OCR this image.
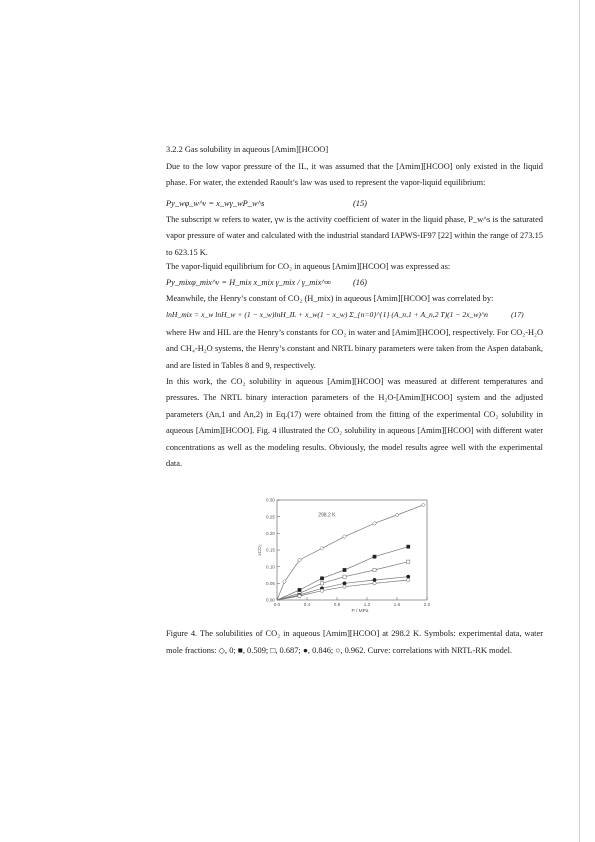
3.2.2 Gas solubility in aqueous [Amim][HCOO]

Due to the low vapor pressure of the IL, it was assumed that the [Amim][HCOO] only existed in the liquid phase. For water, the extended Raoult’s law was used to represent the vapor-liquid equilibrium:

Py_wφ_w^v = x_wγ_wP_w^s	(15)

The subscript w refers to water, γw is the activity coefficient of water in the liquid phase, P_w^s is the saturated vapor pressure of water and calculated with the industrial standard IAPWS-IF97 [22] within the range of 273.15 to 623.15 K.

The vapor-liquid equilibrium for CO₂ in aqueous [Amim][HCOO] was expressed as:

Py_mixφ_mix^v = H_mix x_mix γ_mix / γ_mix^∞	(16)

Meanwhile, the Henry’s constant of CO₂ (H_mix) in aqueous [Amim][HCOO] was correlated by:

lnH_mix = x_w lnH_w + (1 − x_w)lnH_IL + x_w(1 − x_w) Σ_{n=0}^{1} (A_n,1 + A_n,2 T)(1 − 2x_w)^n	(17)

where Hw and HIL are the Henry’s constants for CO₂ in water and [Amim][HCOO], respectively. For CO₂-H₂O and CH₄-H₂O systems, the Henry’s constant and NRTL binary parameters were taken from the Aspen databank, and are listed in Tables 8 and 9, respectively.

In this work, the CO₂ solubility in aqueous [Amim][HCOO] was measured at different temperatures and pressures. The NRTL binary interaction parameters of the H₂O-[Amim][HCOO] system and the adjusted parameters (An,1 and An,2) in Eq.(17) were obtained from the fitting of the experimental CO₂ solubility in aqueous [Amim][HCOO]. Fig. 4 illustrated the CO₂ solubility in aqueous [Amim][HCOO] with different water concentrations as well as the modeling results. Obviously, the model results agree well with the experimental data.

0.0	0.4	0.8	1.2	1.6	2.0
0.00
0.05
0.10
0.15
0.20
0.25
0.30
P / MPa
xCO₂
298.2 K

Figure 4. The solubilities of CO₂ in aqueous [Amim][HCOO] at 298.2 K. Symbols: experimental data, water mole fractions: ◇, 0; ■, 0.509; □, 0.687; ●, 0.846; ○, 0.962. Curve: correlations with NRTL-RK model.
